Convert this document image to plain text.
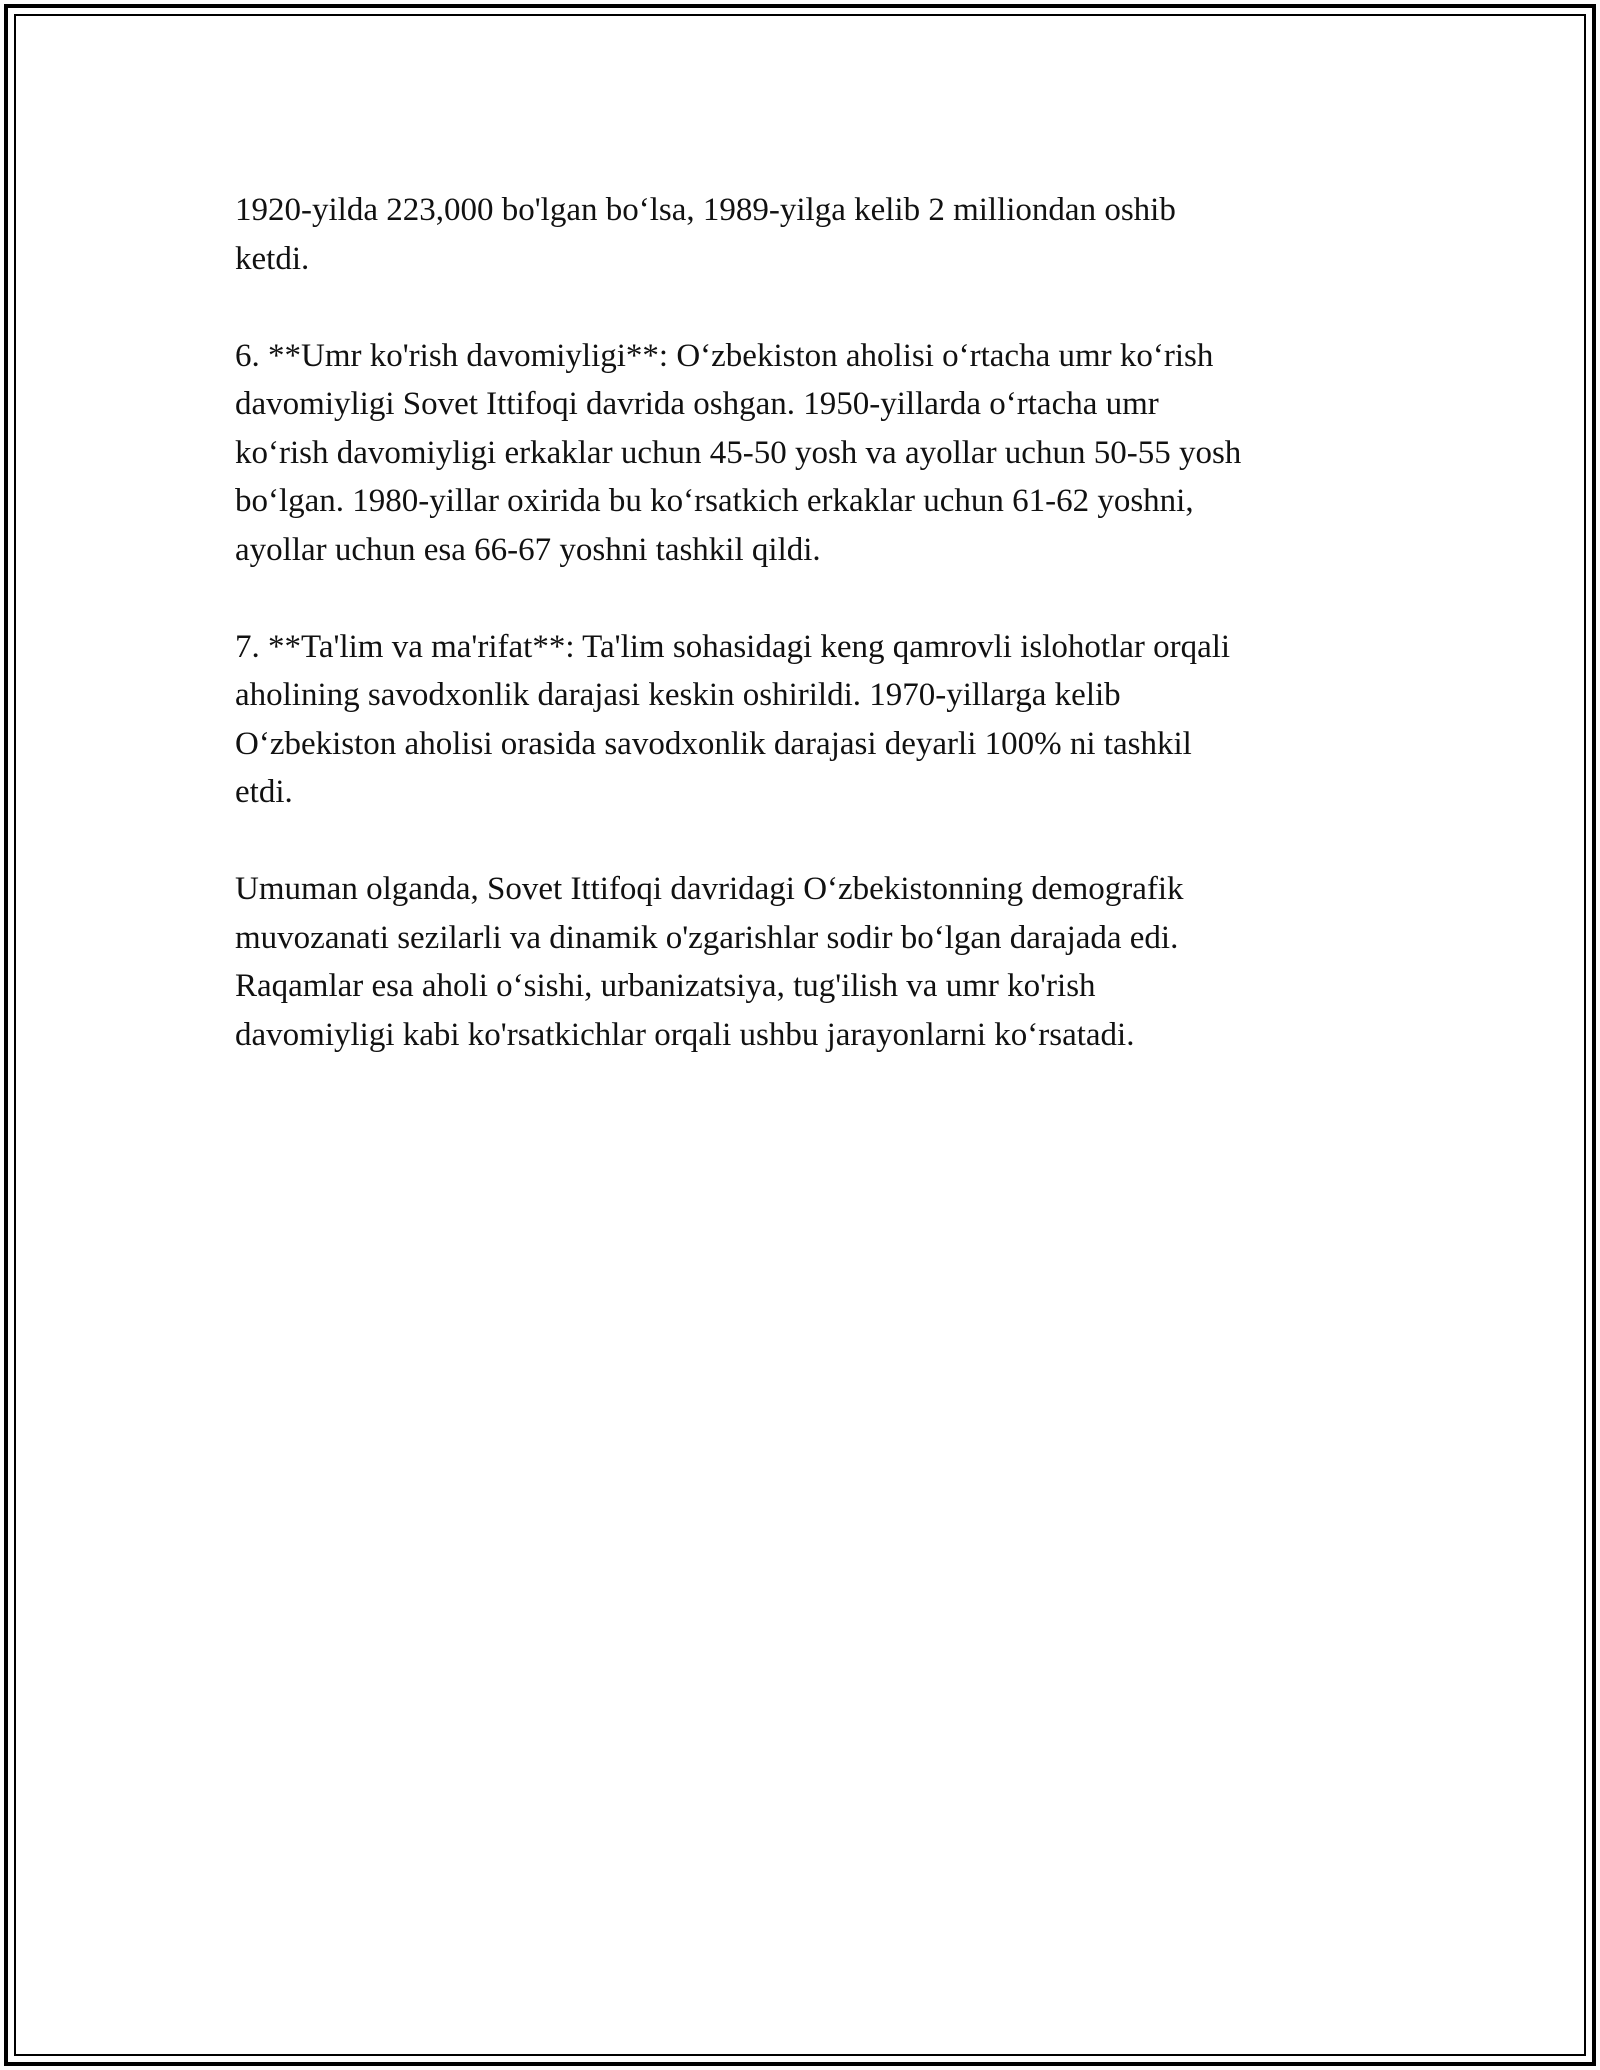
1920-yilda 223,000 bo'lgan bo‘lsa, 1989-yilga kelib 2 milliondan oshib
ketdi.

6. **Umr ko'rish davomiyligi**: O‘zbekiston aholisi o‘rtacha umr ko‘rish
davomiyligi Sovet Ittifoqi davrida oshgan. 1950-yillarda o‘rtacha umr
ko‘rish davomiyligi erkaklar uchun 45-50 yosh va ayollar uchun 50-55 yosh
bo‘lgan. 1980-yillar oxirida bu ko‘rsatkich erkaklar uchun 61-62 yoshni,
ayollar uchun esa 66-67 yoshni tashkil qildi.

7. **Ta'lim va ma'rifat**: Ta'lim sohasidagi keng qamrovli islohotlar orqali
aholining savodxonlik darajasi keskin oshirildi. 1970-yillarga kelib
O‘zbekiston aholisi orasida savodxonlik darajasi deyarli 100% ni tashkil
etdi.

Umuman olganda, Sovet Ittifoqi davridagi O‘zbekistonning demografik
muvozanati sezilarli va dinamik o'zgarishlar sodir bo‘lgan darajada edi.
Raqamlar esa aholi o‘sishi, urbanizatsiya, tug'ilish va umr ko'rish
davomiyligi kabi ko'rsatkichlar orqali ushbu jarayonlarni ko‘rsatadi.
